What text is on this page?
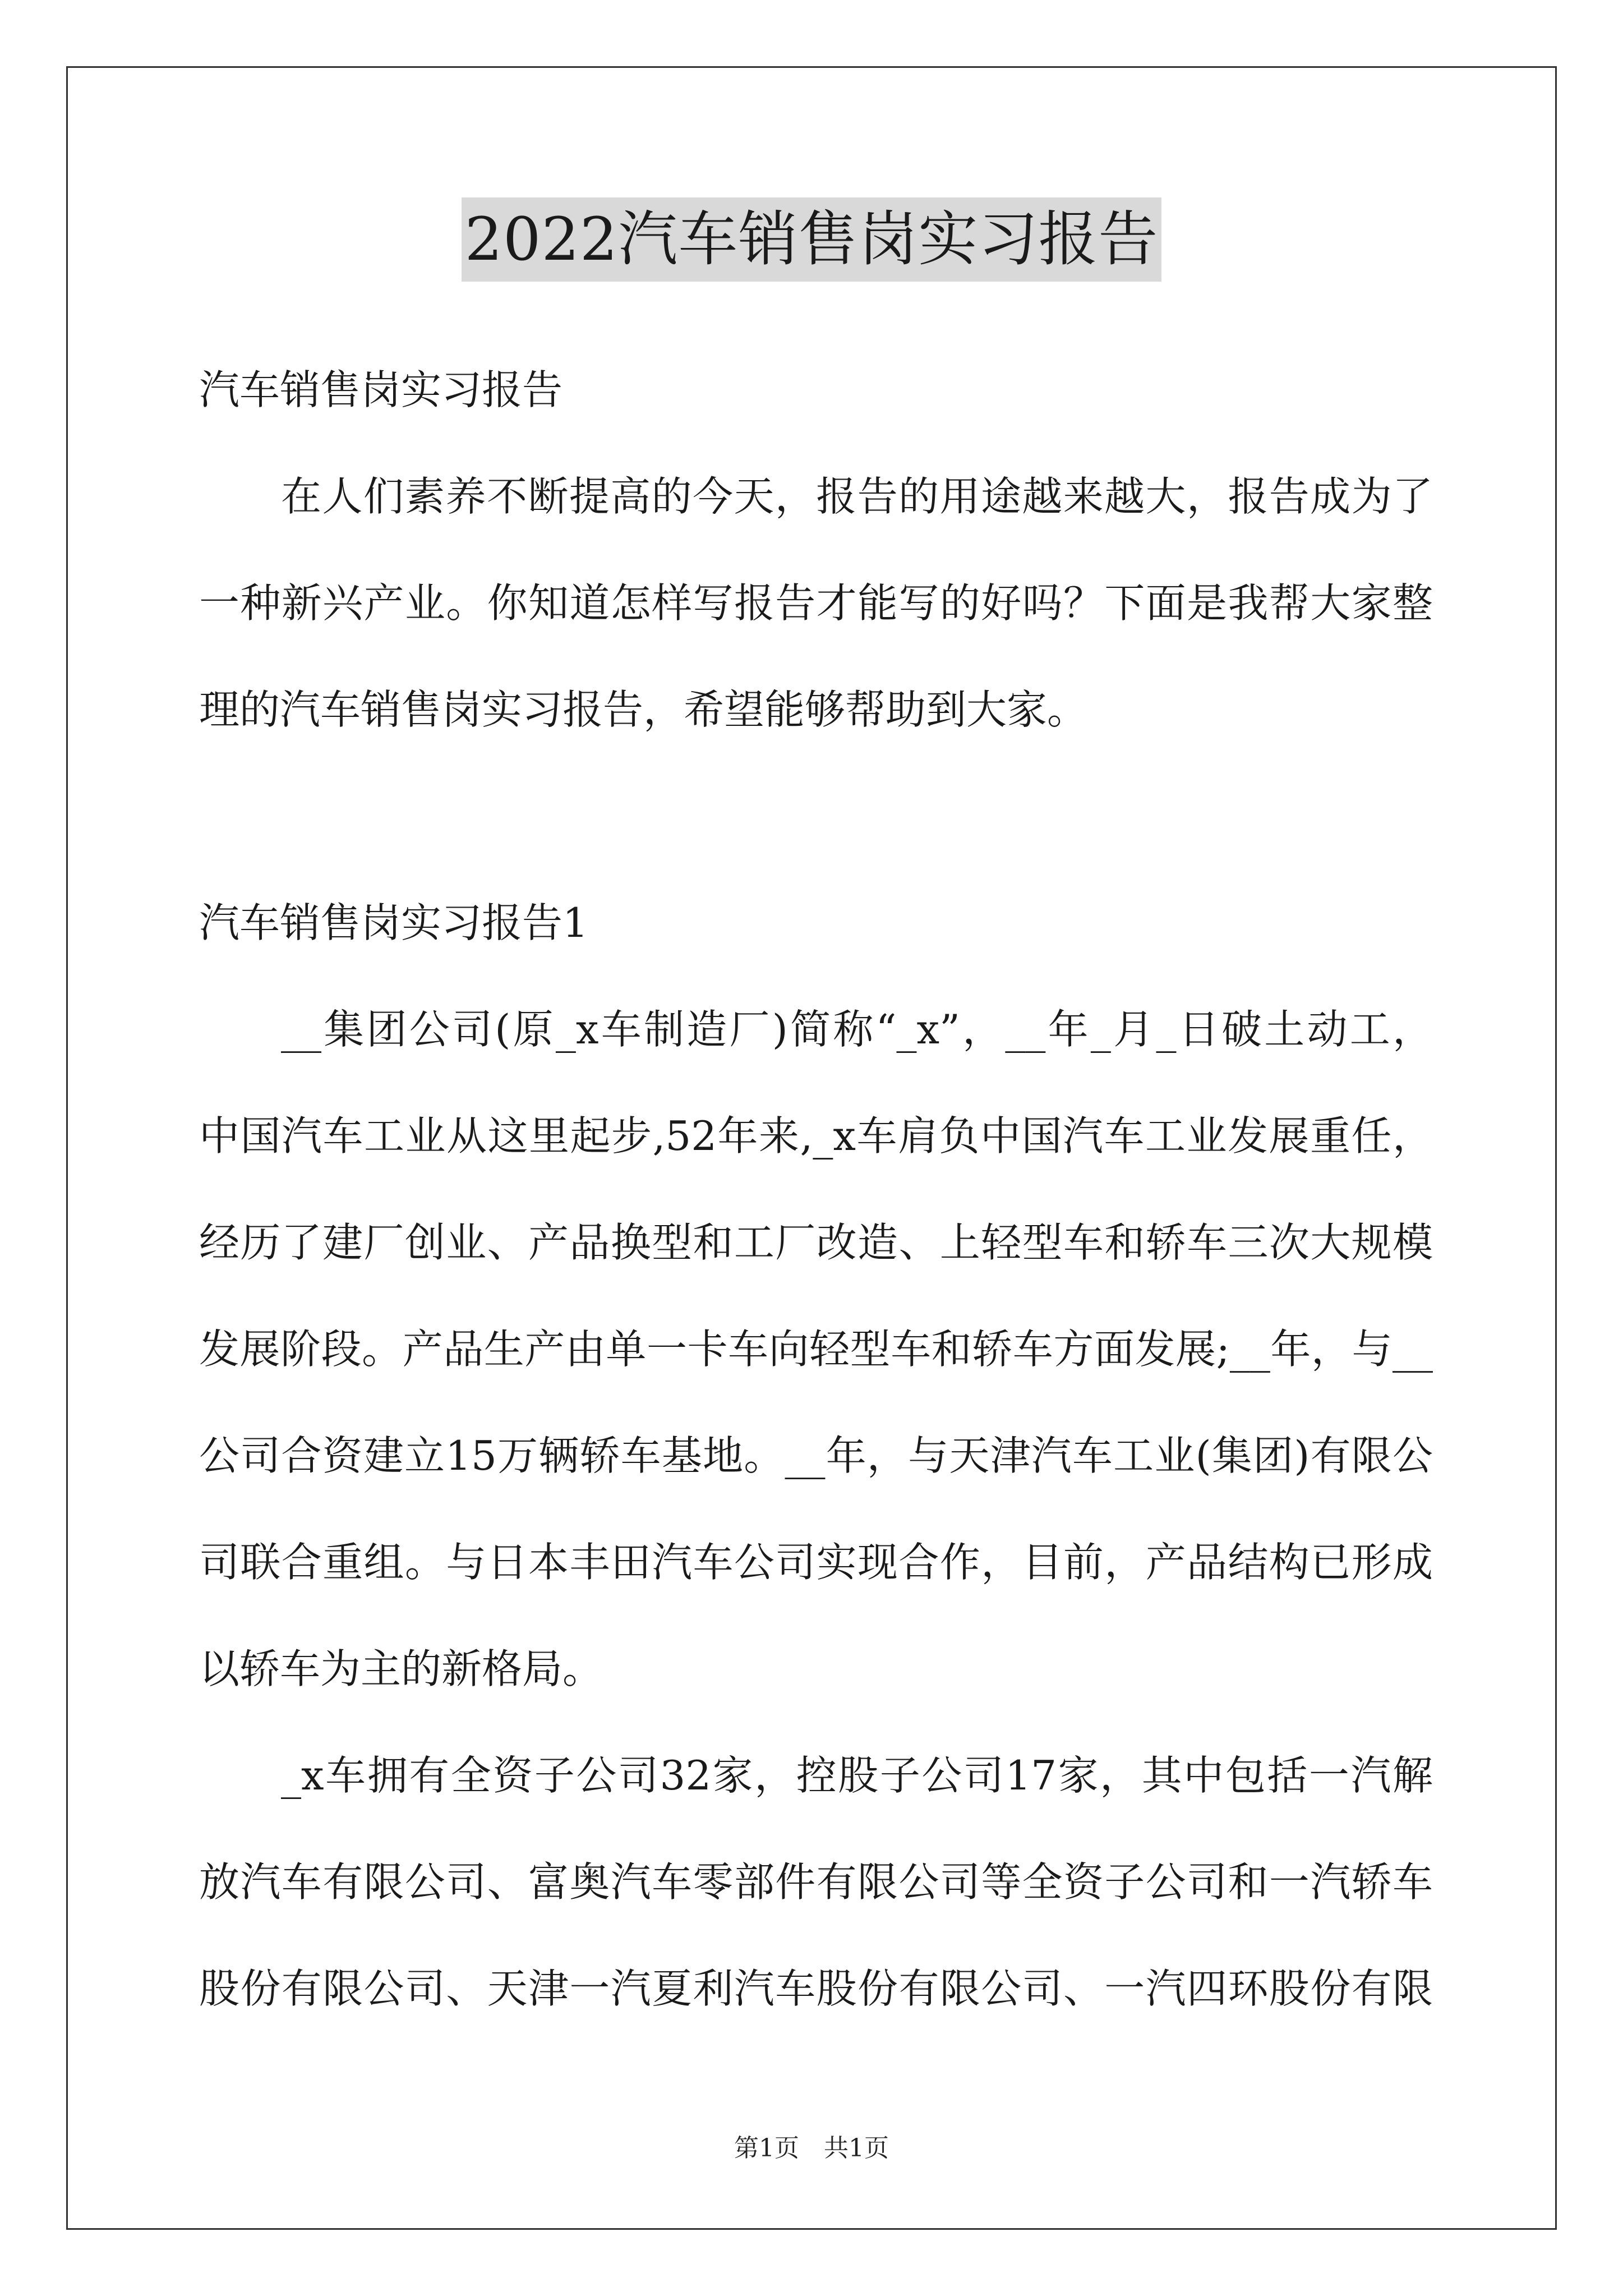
2022汽车销售岗实习报告
汽车销售岗实习报告
在人们素养不断提高的今天，报告的用途越来越大，报告成为了
一种新兴产业。你知道怎样写报告才能写的好吗？下面是我帮大家整
理的汽车销售岗实习报告，希望能够帮助到大家。
汽车销售岗实习报告1
__集团公司(原_x车制造厂)简称“_x”，__年_月_日破土动工，
中国汽车工业从这里起步,52年来,_x车肩负中国汽车工业发展重任，
经历了建厂创业、产品换型和工厂改造、上轻型车和轿车三次大规模
发展阶段。产品生产由单一卡车向轻型车和轿车方面发展;__年，与__
公司合资建立15万辆轿车基地。__年，与天津汽车工业(集团)有限公
司联合重组。与日本丰田汽车公司实现合作，目前，产品结构已形成
以轿车为主的新格局。
_x车拥有全资子公司32家，控股子公司17家，其中包括一汽解
放汽车有限公司、富奥汽车零部件有限公司等全资子公司和一汽轿车
股份有限公司、天津一汽夏利汽车股份有限公司、一汽四环股份有限
第1页　共1页
